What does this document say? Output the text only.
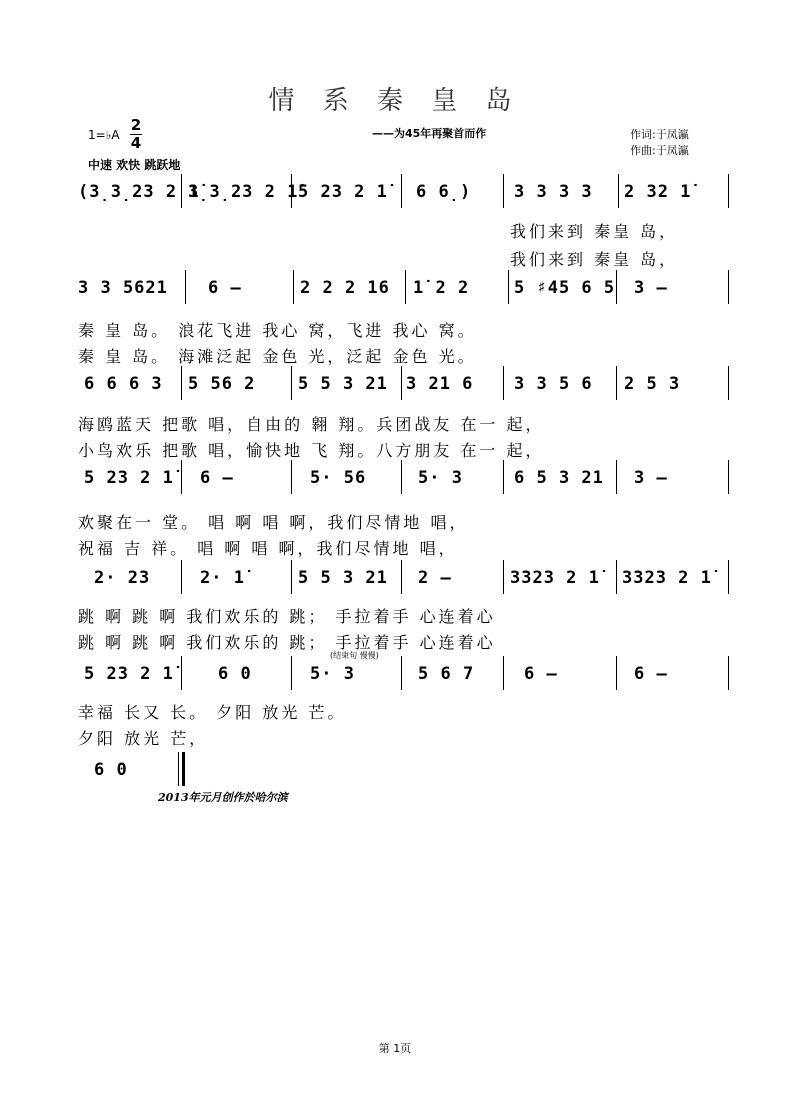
情 系 秦 皇 岛
1=♭A
2
4
中速 欢快 跳跃地
——为45年再聚首而作	作词:于凤瀛
作曲:于凤瀛
(3̣3̣23 2 1̇
3̣3̣23 2 1̇ 5 23 2 1̇ 6 6̣)	3 3 3 3 2 32 1̇
我们来到 秦皇 岛，
我们来到 秦皇 岛，
3 3 5621 6 –	2 2 2 16 1̇ 2 2	5 ♯45 6 5 3 –
秦 皇 岛。 浪花飞进 我心 窝，飞进 我心 窝。
秦 皇 岛。 海滩泛起 金色 光，泛起 金色 光。
6 6 6 3 5 56 2	5 5 3 21 3 21 6 3 3 5 6 2 5 3
海鸥蓝天 把歌 唱，自由的 翱 翔。兵团战友 在一 起，
小鸟欢乐 把歌 唱，愉快地 飞 翔。八方朋友 在一 起，
5 23 2 1̇ 6 –	5· 56	5· 3	6 5 3 21 3 –
欢聚在一 堂。 唱 啊 唱 啊，我们尽情地 唱，
祝福 吉 祥。 唱 啊 唱 啊，我们尽情地 唱，
2· 23	2· 1̇	5 5 3 21 2 –	3323 2 1̇ 3323 2 1̇
跳 啊 跳 啊 我们欢乐的 跳； 手拉着手 心连着心
跳 啊 跳 啊 我们欢乐的 跳； 手拉着手 心连着心
5 23 2 1̇	6 0	5· 3	5 6 7	6 –	6 –
(结束句 慢慢)
幸福 长又 长。 夕阳 放光 芒。
夕阳 放光 芒，
6 0
2013年元月创作於哈尔滨
第 1页
